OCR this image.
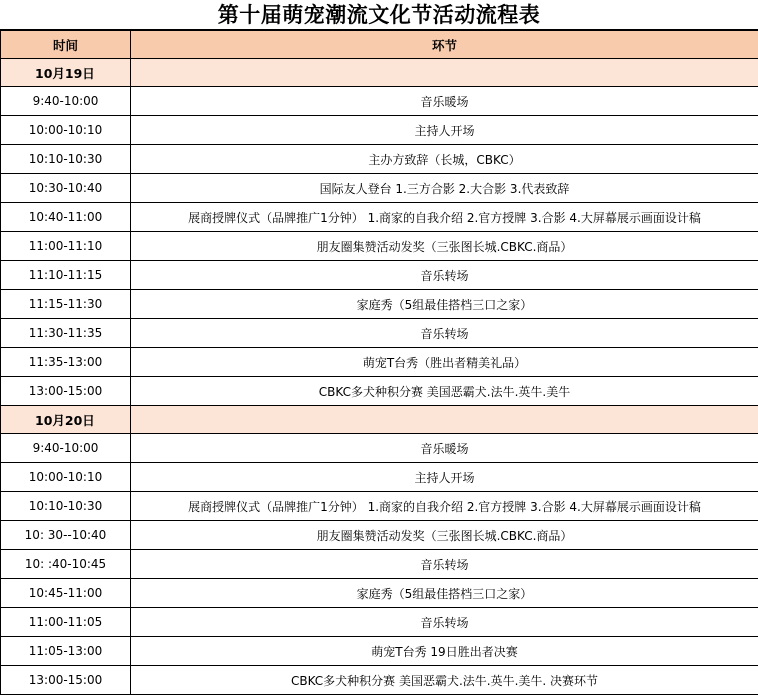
第十届萌宠潮流文化节活动流程表
时间	环节
10月19日	
9:40-10:00	音乐暖场
10:00-10:10	主持人开场
10:10-10:30	主办方致辞（长城，CBKC）
10:30-10:40	国际友人登台 1.三方合影 2.大合影 3.代表致辞
10:40-11:00	展商授牌仪式（品牌推广1分钟） 1.商家的自我介绍 2.官方授牌 3.合影 4.大屏幕展示画面设计稿
11:00-11:10	朋友圈集赞活动发奖（三张图长城.CBKC.商品）
11:10-11:15	音乐转场
11:15-11:30	家庭秀（5组最佳搭档三口之家）
11:30-11:35	音乐转场
11:35-13:00	萌宠T台秀（胜出者精美礼品）
13:00-15:00	CBKC多犬种积分赛 美国恶霸犬.法牛.英牛.美牛
10月20日	
9:40-10:00	音乐暖场
10:00-10:10	主持人开场
10:10-10:30	展商授牌仪式（品牌推广1分钟） 1.商家的自我介绍 2.官方授牌 3.合影 4.大屏幕展示画面设计稿
10: 30--10:40	朋友圈集赞活动发奖（三张图长城.CBKC.商品）
10: :40-10:45	音乐转场
10:45-11:00	家庭秀（5组最佳搭档三口之家）
11:00-11:05	音乐转场
11:05-13:00	萌宠T台秀 19日胜出者决赛
13:00-15:00	CBKC多犬种积分赛 美国恶霸犬.法牛.英牛.美牛. 决赛环节
